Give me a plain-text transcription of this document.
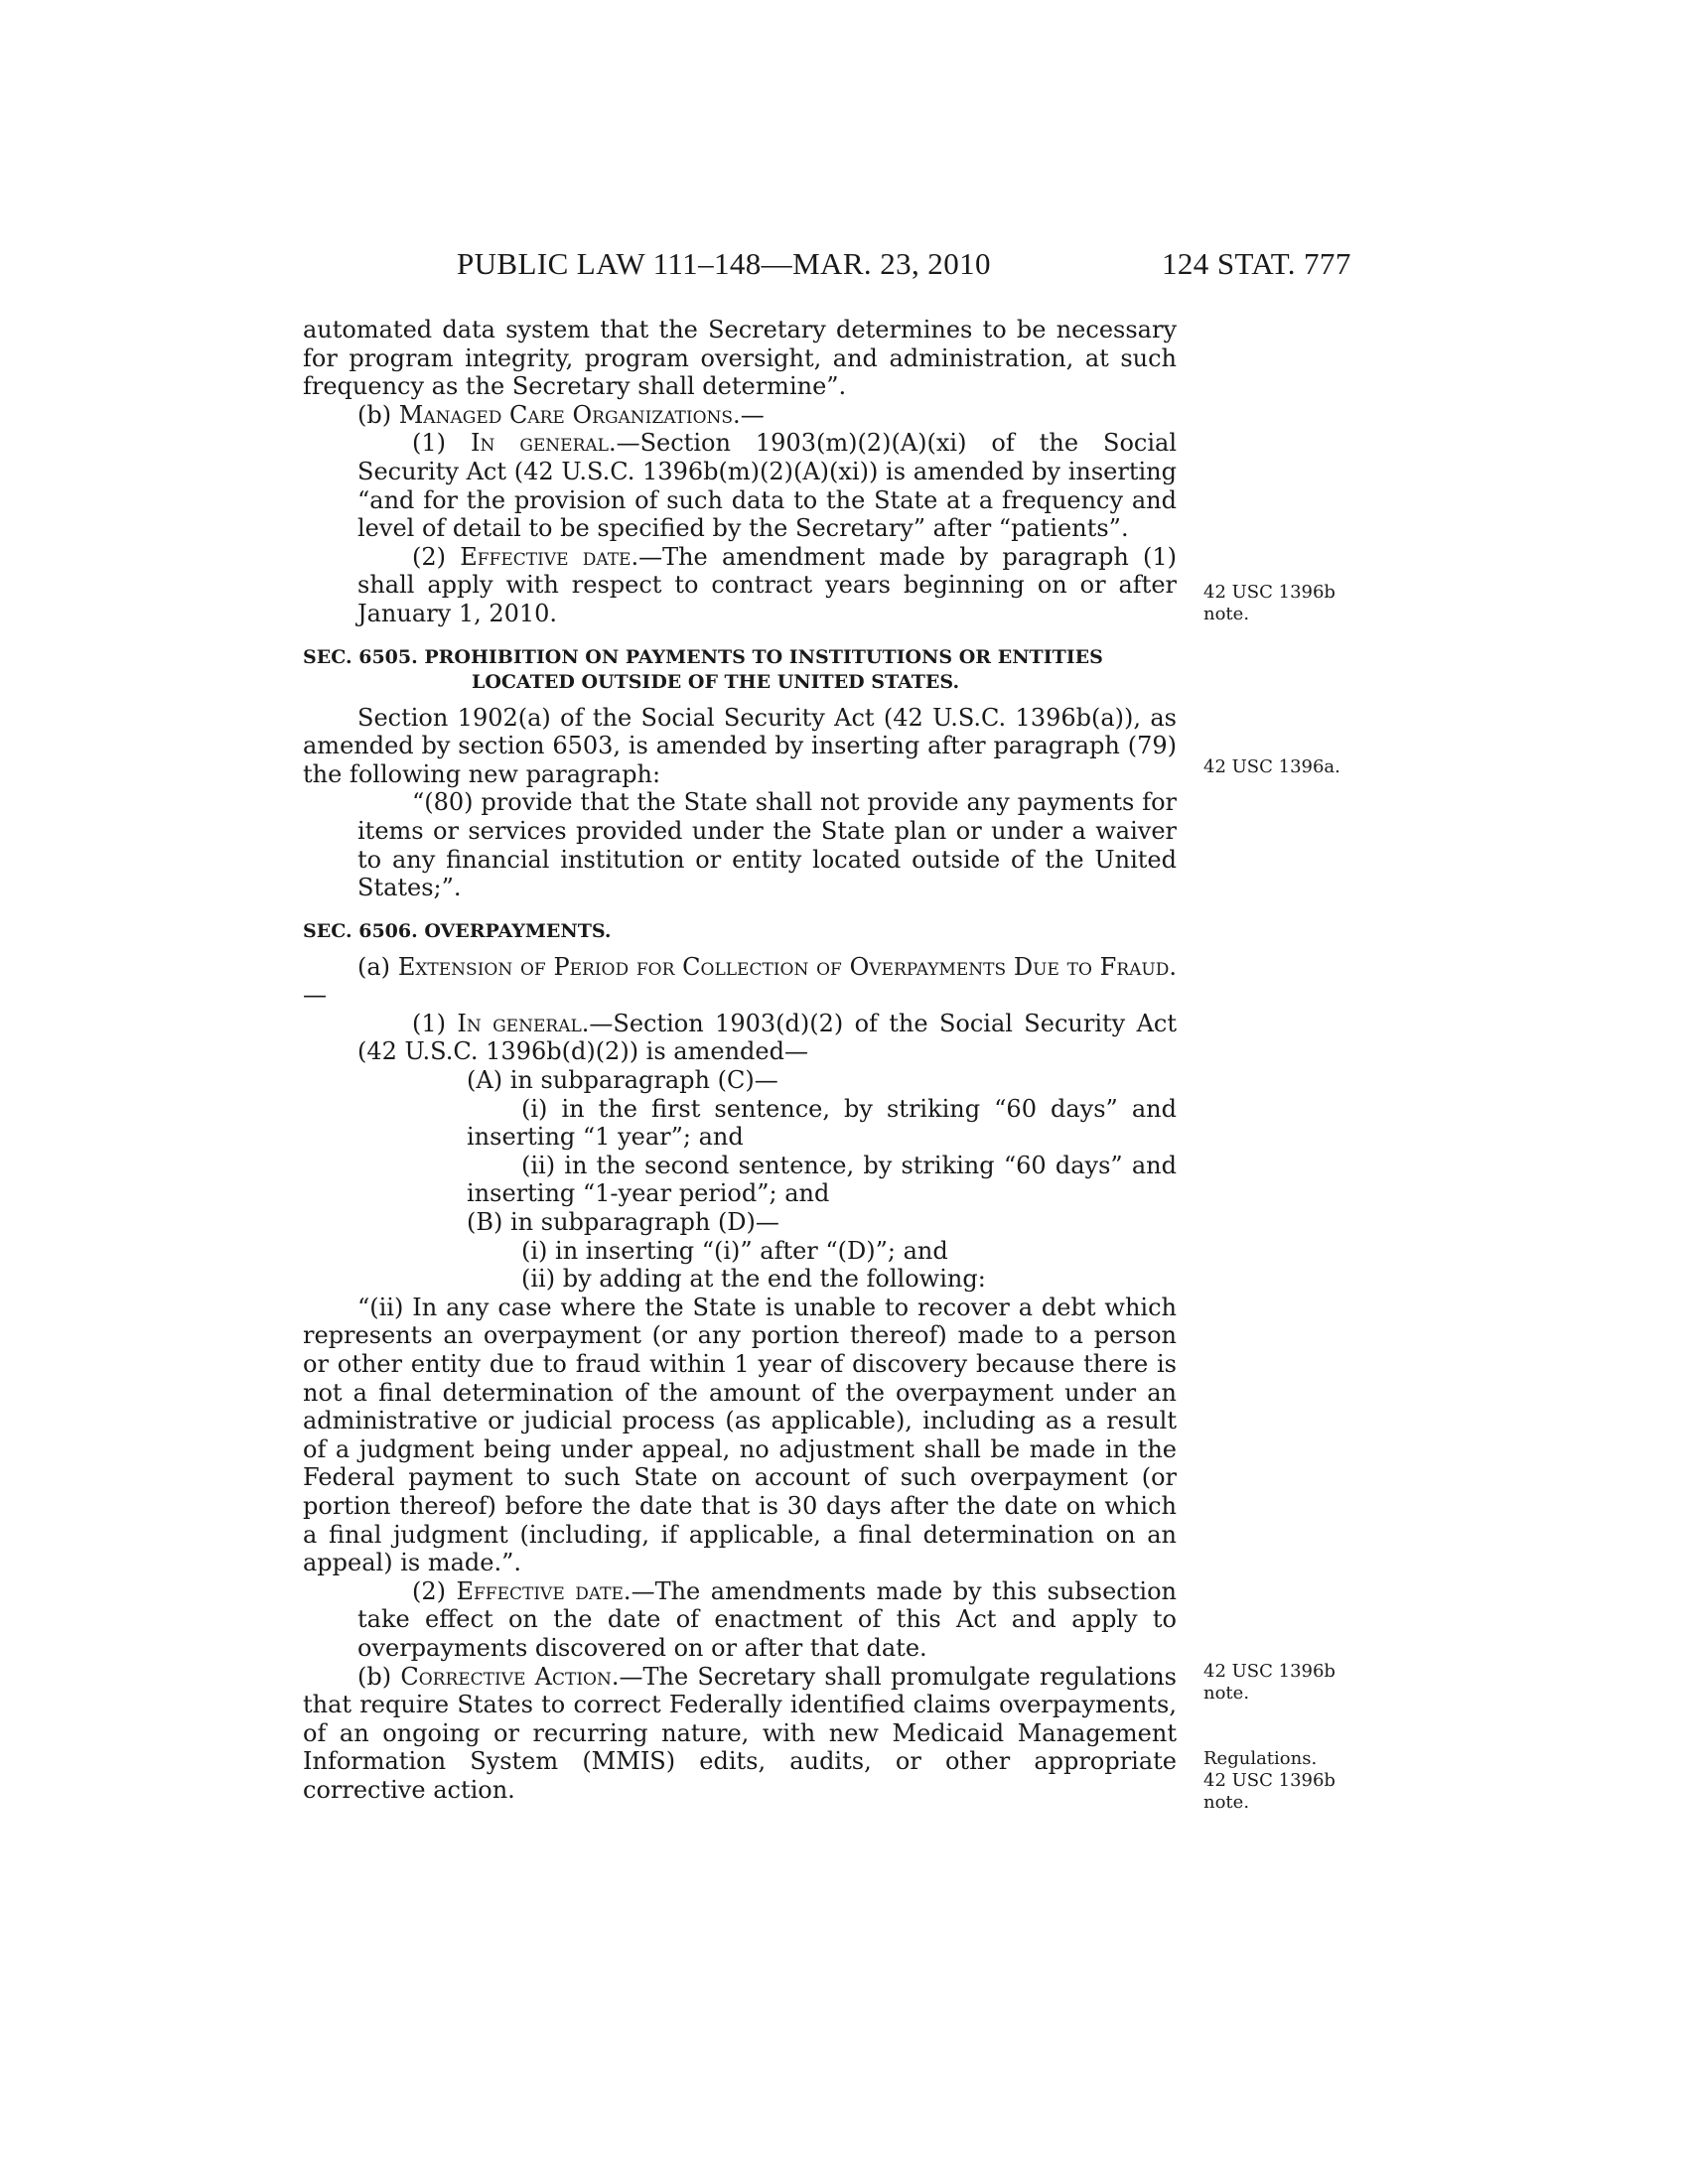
PUBLIC LAW 111–148—MAR. 23, 2010	124 STAT. 777

automated data system that the Secretary determines to be necessary for program integrity, program oversight, and administration, at such frequency as the Secretary shall determine”.

(b) Managed Care Organizations.—

(1) In general.—Section 1903(m)(2)(A)(xi) of the Social Security Act (42 U.S.C. 1396b(m)(2)(A)(xi)) is amended by inserting “and for the provision of such data to the State at a frequency and level of detail to be specified by the Secretary” after “patients”.

(2) Effective date.—The amendment made by paragraph (1) shall apply with respect to contract years beginning on or after January 1, 2010.

SEC. 6505. PROHIBITION ON PAYMENTS TO INSTITUTIONS OR ENTITIES
LOCATED OUTSIDE OF THE UNITED STATES.

Section 1902(a) of the Social Security Act (42 U.S.C. 1396b(a)), as amended by section 6503, is amended by inserting after paragraph (79) the following new paragraph:

“(80) provide that the State shall not provide any payments for items or services provided under the State plan or under a waiver to any financial institution or entity located outside of the United States;”.

SEC. 6506. OVERPAYMENTS.

(a) Extension of Period for Collection of Overpayments Due to Fraud.—

(1) In general.—Section 1903(d)(2) of the Social Security Act (42 U.S.C. 1396b(d)(2)) is amended—

(A) in subparagraph (C)—

(i) in the first sentence, by striking “60 days” and inserting “1 year”; and

(ii) in the second sentence, by striking “60 days” and inserting “1-year period”; and

(B) in subparagraph (D)—

(i) in inserting “(i)” after “(D)”; and

(ii) by adding at the end the following:

“(ii) In any case where the State is unable to recover a debt which represents an overpayment (or any portion thereof) made to a person or other entity due to fraud within 1 year of discovery because there is not a final determination of the amount of the overpayment under an administrative or judicial process (as applicable), including as a result of a judgment being under appeal, no adjustment shall be made in the Federal payment to such State on account of such overpayment (or portion thereof) before the date that is 30 days after the date on which a final judgment (including, if applicable, a final determination on an appeal) is made.”.

(2) Effective date.—The amendments made by this subsection take effect on the date of enactment of this Act and apply to overpayments discovered on or after that date.

(b) Corrective Action.—The Secretary shall promulgate regulations that require States to correct Federally identified claims overpayments, of an ongoing or recurring nature, with new Medicaid Management Information System (MMIS) edits, audits, or other appropriate corrective action.

42 USC 1396b
note.
42 USC 1396a.
42 USC 1396b
note.
Regulations.
42 USC 1396b
note.
